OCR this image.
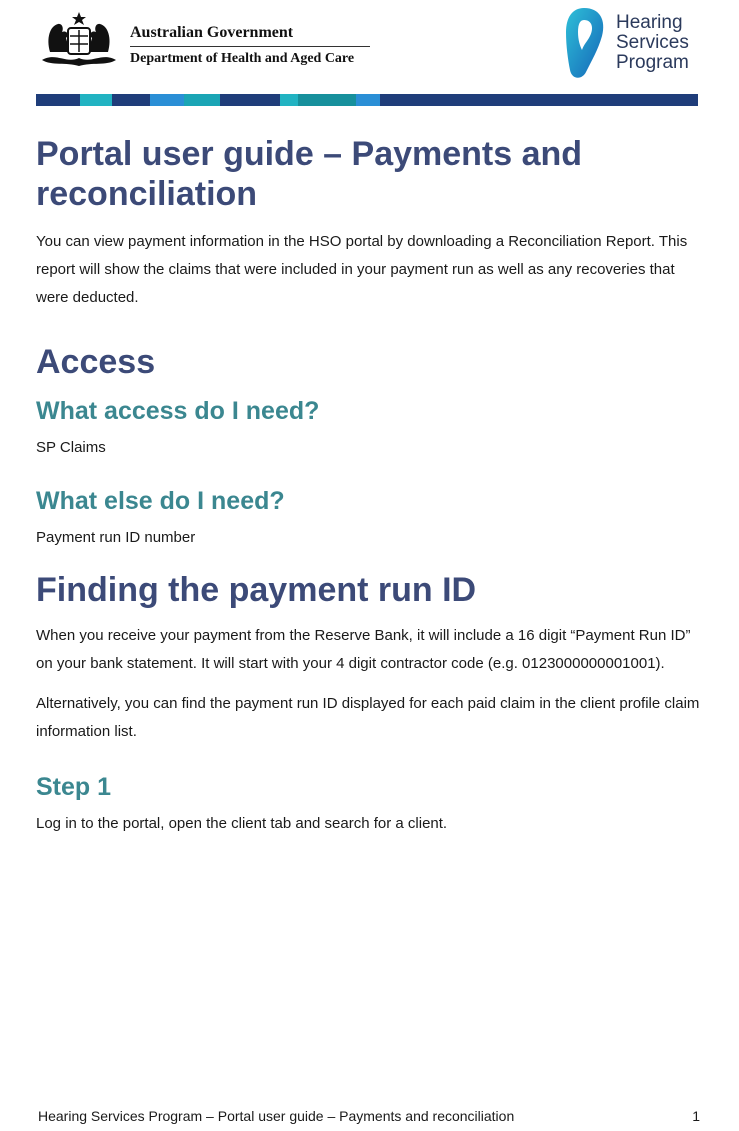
Australian Government
Department of Health and Aged Care
Hearing
Services
Program
Portal user guide – Payments and reconciliation

You can view payment information in the HSO portal by downloading a Reconciliation Report. This report will show the claims that were included in your payment run as well as any recoveries that were deducted.

Access
What access do I need?

SP Claims

What else do I need?

Payment run ID number

Finding the payment run ID

When you receive your payment from the Reserve Bank, it will include a 16 digit “Payment Run ID” on your bank statement. It will start with your 4 digit contractor code (e.g. 0123000000001001).

Alternatively, you can find the payment run ID displayed for each paid claim in the client profile claim information list.

Step 1

Log in to the portal, open the client tab and search for a client.

Hearing Services Program – Portal user guide – Payments and reconciliation	1
